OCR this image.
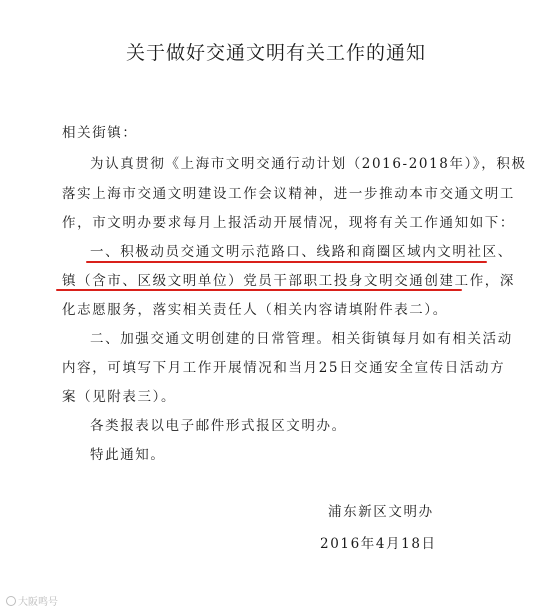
关于做好交通文明有关工作的通知
相关街镇：
为认真贯彻《上海市文明交通行动计划（2016-2018年）》，积极
落实上海市交通文明建设工作会议精神，进一步推动本市交通文明工
作，市文明办要求每月上报活动开展情况，现将有关工作通知如下：
一、积极动员交通文明示范路口、线路和商圈区域内文明社区、
镇（含市、区级文明单位）党员干部职工投身文明交通创建工作，深
化志愿服务，落实相关责任人（相关内容请填附件表二）。
二、加强交通文明创建的日常管理。相关街镇每月如有相关活动
内容，可填写下月工作开展情况和当月25日交通安全宣传日活动方
案（见附表三）。
各类报表以电子邮件形式报区文明办。
特此通知。
浦东新区文明办
2016年4月18日
大阪鸣号
